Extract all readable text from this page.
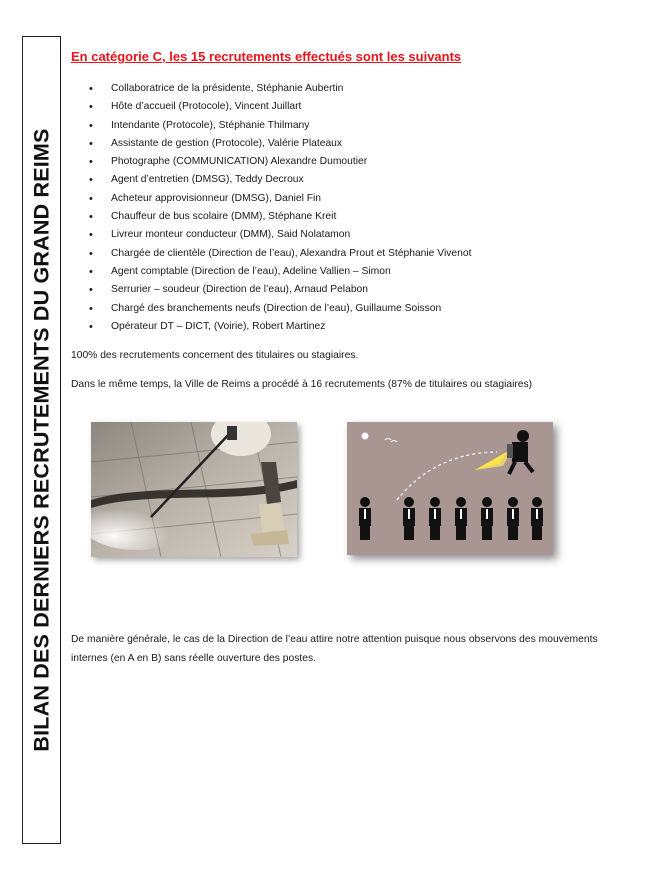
BILAN DES DERNIERS RECRUTEMENTS DU GRAND REIMS
En catégorie C, les 15 recrutements effectués sont les suivants
• Collaboratrice de la présidente, Stéphanie Aubertin
• Hôte d’accueil (Protocole), Vincent Juillart
• Intendante (Protocole), Stéphanie Thilmany
• Assistante de gestion (Protocole), Valérie Plateaux
• Photographe (COMMUNICATION) Alexandre Dumoutier
• Agent d’entretien (DMSG), Teddy Decroux
• Acheteur approvisionneur (DMSG), Daniel Fin
• Chauffeur de bus scolaire (DMM), Stéphane Kreit
• Livreur monteur conducteur (DMM), Said Nolatamon
• Chargée de clientèle (Direction de l’eau), Alexandra Prout et Stéphanie Vivenot
• Agent comptable (Direction de l’eau), Adeline Vallien – Simon
• Serrurier – soudeur (Direction de l’eau), Arnaud Pelabon
• Chargé des branchements neufs (Direction de l’eau), Guillaume Soisson
• Opérateur DT – DICT, (Voirie), Robert Martinez
100% des recrutements concernent des titulaires ou stagiaires.
Dans le même temps, la Ville de Reims a procédé à 16 recrutements (87% de titulaires ou stagiaires)
De manière générale, le cas de la Direction de l’eau attire notre attention puisque nous observons des mouvements internes (en A en B) sans réelle ouverture des postes.
